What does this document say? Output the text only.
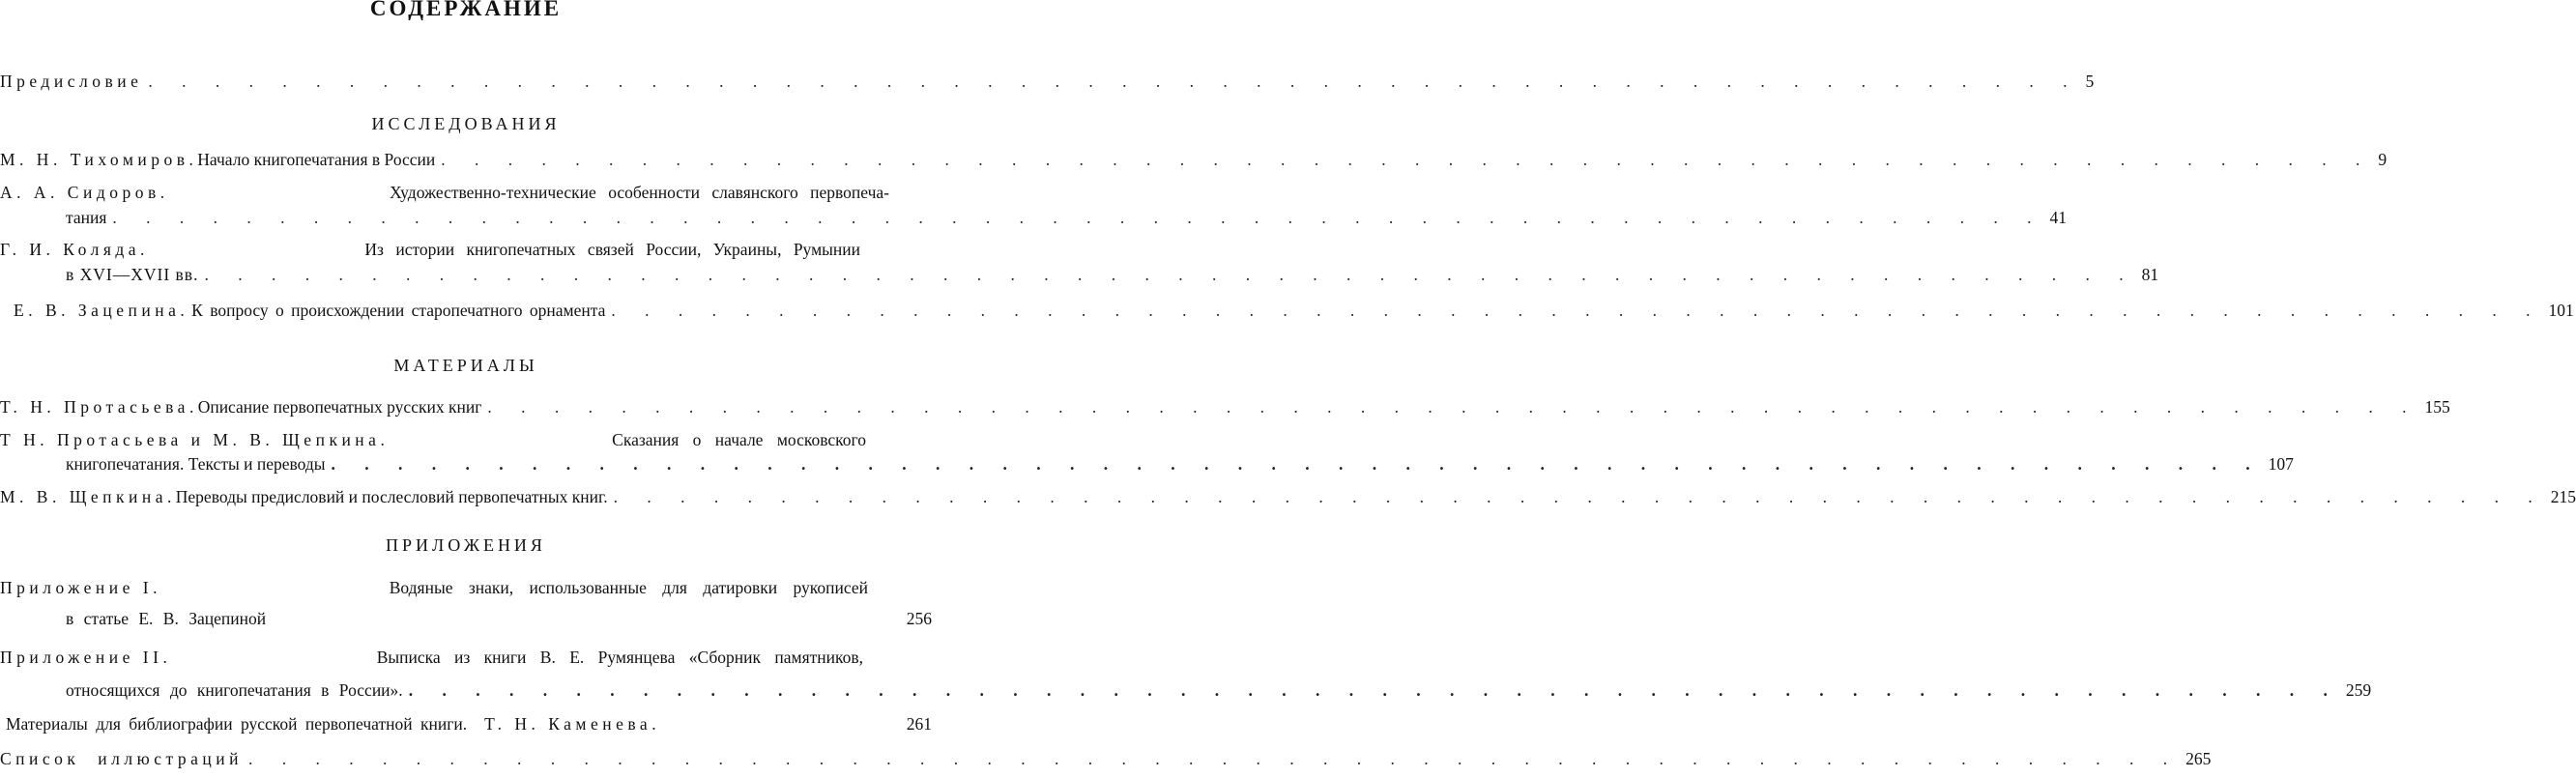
СОДЕРЖАНИЕ
Предисловие . . . . . . . . . . . . . . . . . . . . . . . . . . . . . . . . . . . . . . . . . . . . . . . . . . . . . . . . . . 5
ИССЛЕДОВАНИЯ
М. Н. Тихомиров . Начало книгопечатания в России . . . . . . . . . . . . . . . . . . . . . . . . . . . . . . . . . . . . . . . . . . . . . . . . . . . . . . . . . . 9
А. А. Сидоров.	Художественно-технические особенности славянского первопеча-
тания . . . . . . . . . . . . . . . . . . . . . . . . . . . . . . . . . . . . . . . . . . . . . . . . . . . . . . . . . . 41
Г. И. Коляда.	Из истории книгопечатных связей России, Украины, Румынии
в XVI—XVII вв. . . . . . . . . . . . . . . . . . . . . . . . . . . . . . . . . . . . . . . . . . . . . . . . . . . . . . . . . . . 81
Е. В. Зацепина . К вопросу о происхождении старопечатного орнамента . . . . . . . . . . . . . . . . . . . . . . . . . . . . . . . . . . . . . . . . . . . . . . . . . . . . . . . . . . 101
МАТЕРИАЛЫ
Т. Н. Протасьева . Описание первопечатных русских книг . . . . . . . . . . . . . . . . . . . . . . . . . . . . . . . . . . . . . . . . . . . . . . . . . . . . . . . . . . 155
Т Н. Протасьева и М. В. Щепкина.	Сказания о начале московского
книгопечатания. Тексты и переводы . . . . . . . . . . . . . . . . . . . . . . . . . . . . . . . . . . . . . . . . . . . . . . . . . . . . . . . . . . 107
М. В. Щепкина . Переводы предисловий и послесловий первопечатных книг. . . . . . . . . . . . . . . . . . . . . . . . . . . . . . . . . . . . . . . . . . . . . . . . . . . . . . . . . . . 215
ПРИЛОЖЕНИЯ
Приложение I.	Водяные знаки, использованные для датировки рукописей
в статье Е. В. Зацепиной	256
Приложение II.	Выписка из книги В. Е. Румянцева «Сборник памятников,
относящихся до книгопечатания в России». . . . . . . . . . . . . . . . . . . . . . . . . . . . . . . . . . . . . . . . . . . . . . . . . . . . . . . . . . . 259
Материалы для библиографии русской первопечатной книги. Т. Н. Каменева.	261
Список иллюстраций . . . . . . . . . . . . . . . . . . . . . . . . . . . . . . . . . . . . . . . . . . . . . . . . . . . . . . . . . . 265
